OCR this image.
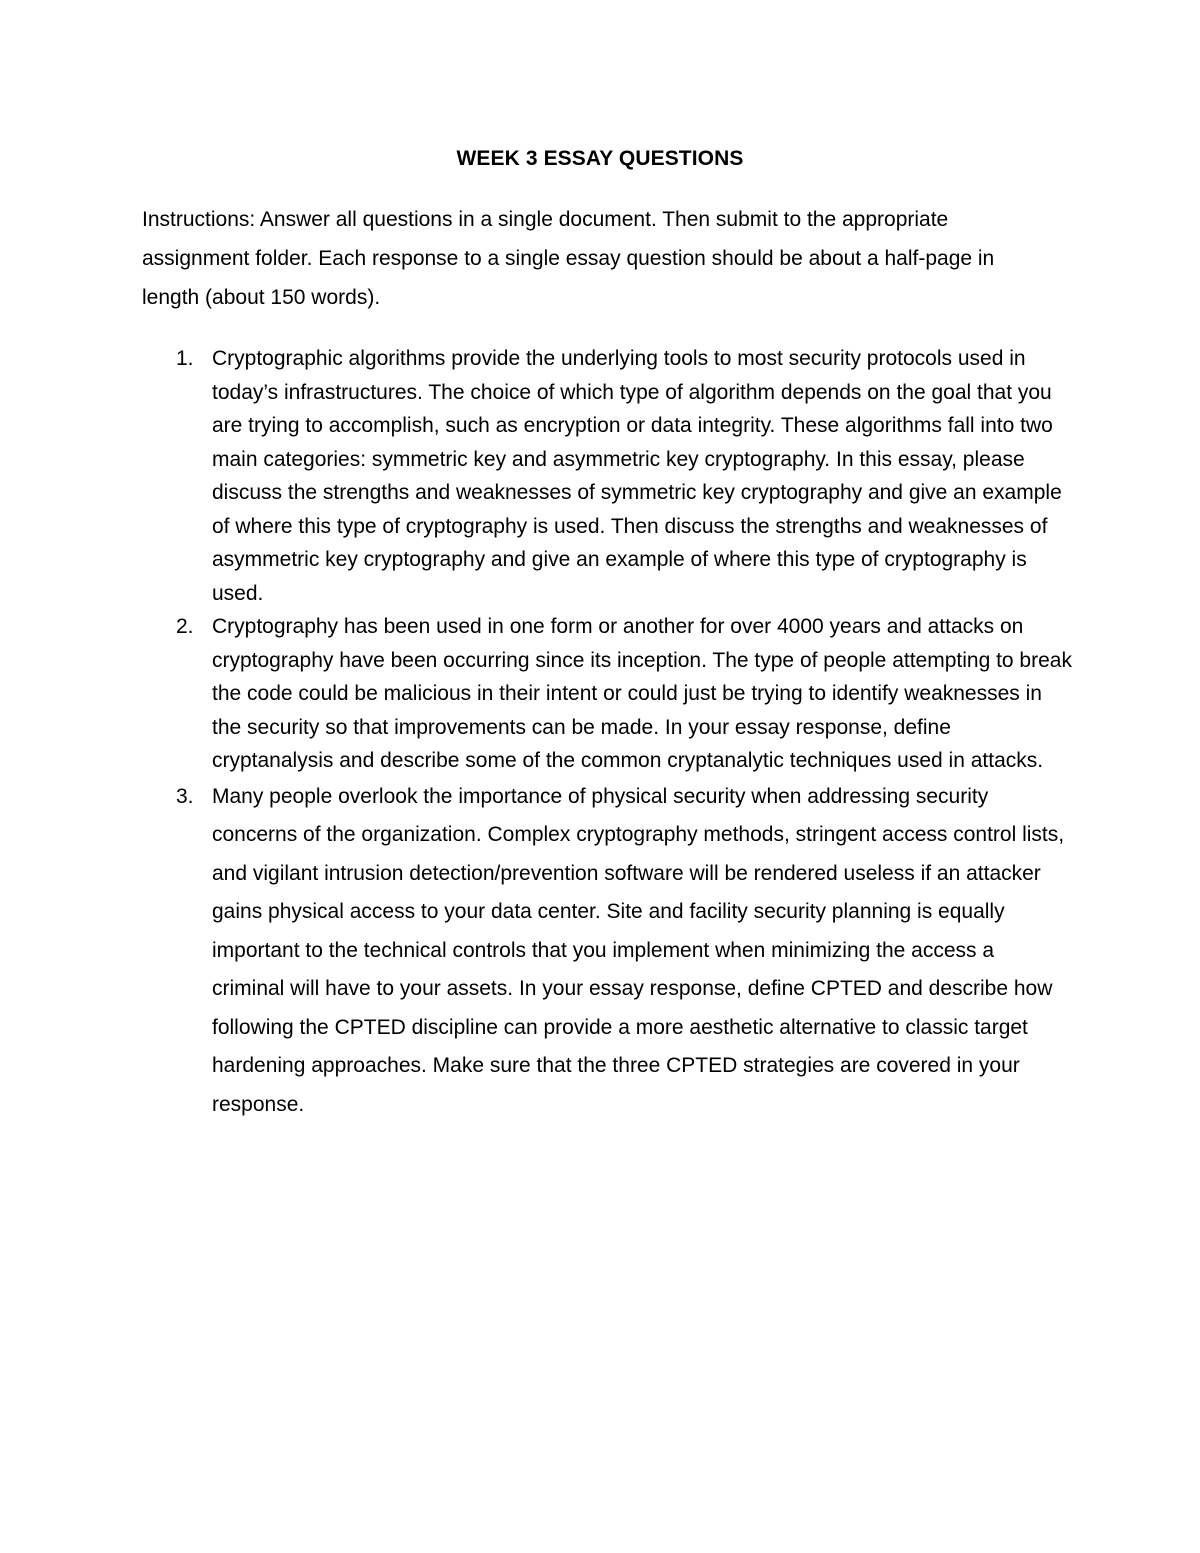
WEEK 3 ESSAY QUESTIONS
Instructions: Answer all questions in a single document. Then submit to the appropriate assignment folder. Each response to a single essay question should be about a half-page in length (about 150 words).
1. Cryptographic algorithms provide the underlying tools to most security protocols used in today’s infrastructures. The choice of which type of algorithm depends on the goal that you are trying to accomplish, such as encryption or data integrity. These algorithms fall into two main categories: symmetric key and asymmetric key cryptography. In this essay, please discuss the strengths and weaknesses of symmetric key cryptography and give an example of where this type of cryptography is used. Then discuss the strengths and weaknesses of asymmetric key cryptography and give an example of where this type of cryptography is used.
2. Cryptography has been used in one form or another for over 4000 years and attacks on cryptography have been occurring since its inception. The type of people attempting to break the code could be malicious in their intent or could just be trying to identify weaknesses in the security so that improvements can be made. In your essay response, define cryptanalysis and describe some of the common cryptanalytic techniques used in attacks.
3. Many people overlook the importance of physical security when addressing security concerns of the organization. Complex cryptography methods, stringent access control lists, and vigilant intrusion detection/prevention software will be rendered useless if an attacker gains physical access to your data center. Site and facility security planning is equally important to the technical controls that you implement when minimizing the access a criminal will have to your assets. In your essay response, define CPTED and describe how following the CPTED discipline can provide a more aesthetic alternative to classic target hardening approaches. Make sure that the three CPTED strategies are covered in your response.
